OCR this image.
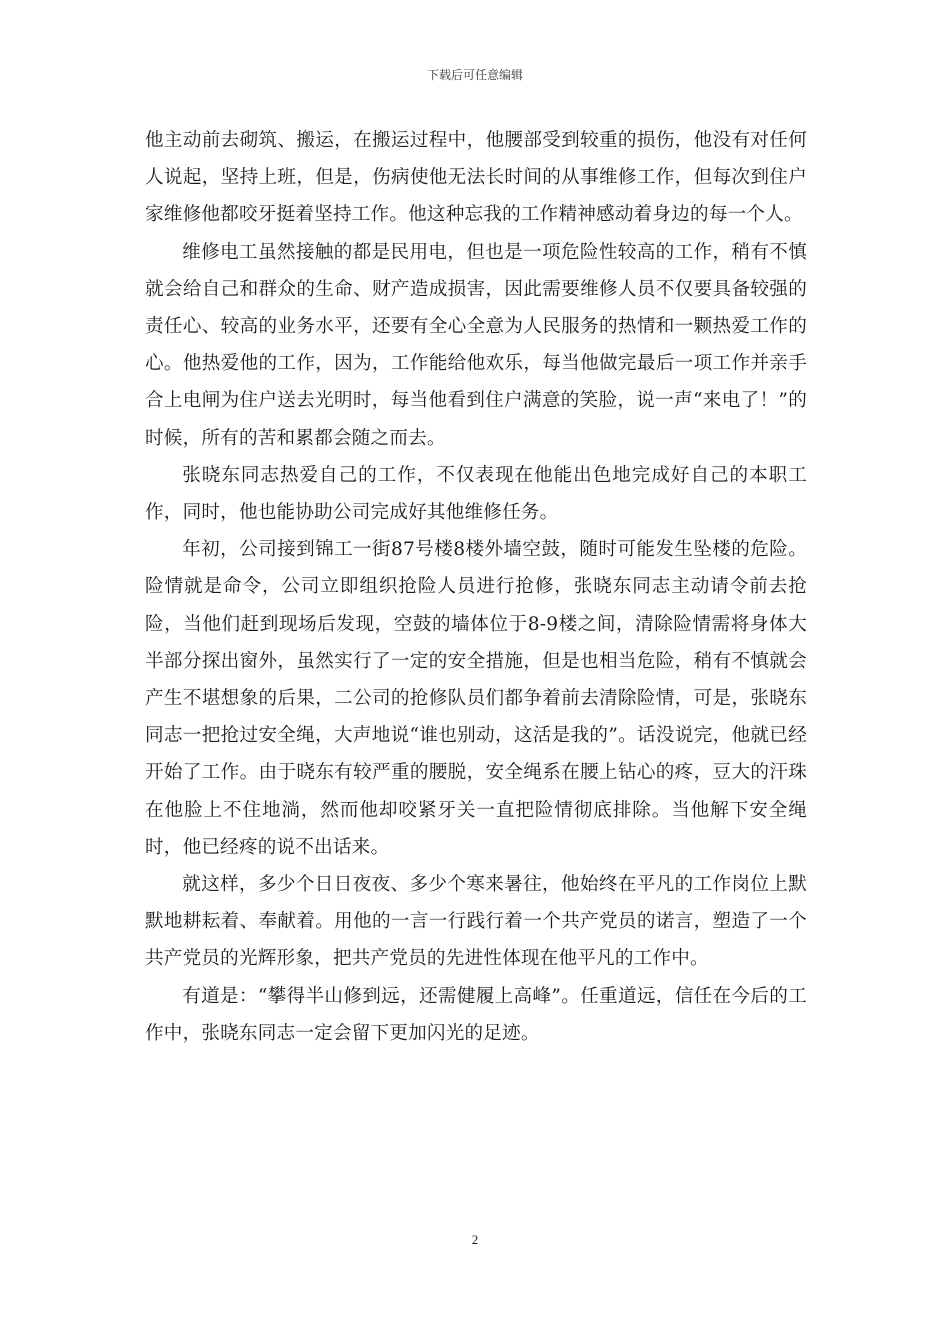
下载后可任意编辑

他主动前去砌筑、搬运，在搬运过程中，他腰部受到较重的损伤，他没有对任何人说起，坚持上班，但是，伤病使他无法长时间的从事维修工作，但每次到住户家维修他都咬牙挺着坚持工作。他这种忘我的工作精神感动着身边的每一个人。

维修电工虽然接触的都是民用电，但也是一项危险性较高的工作，稍有不慎就会给自己和群众的生命、财产造成损害，因此需要维修人员不仅要具备较强的责任心、较高的业务水平，还要有全心全意为人民服务的热情和一颗热爱工作的心。他热爱他的工作，因为，工作能给他欢乐，每当他做完最后一项工作并亲手合上电闸为住户送去光明时，每当他看到住户满意的笑脸，说一声“来电了！”的时候，所有的苦和累都会随之而去。

张晓东同志热爱自己的工作，不仅表现在他能出色地完成好自己的本职工作，同时，他也能协助公司完成好其他维修任务。

年初，公司接到锦工一街87号楼8楼外墙空鼓，随时可能发生坠楼的危险。险情就是命令，公司立即组织抢险人员进行抢修，张晓东同志主动请令前去抢险，当他们赶到现场后发现，空鼓的墙体位于8-9楼之间，清除险情需将身体大半部分探出窗外，虽然实行了一定的安全措施，但是也相当危险，稍有不慎就会产生不堪想象的后果，二公司的抢修队员们都争着前去清除险情，可是，张晓东同志一把抢过安全绳，大声地说“谁也别动，这活是我的”。话没说完，他就已经开始了工作。由于晓东有较严重的腰脱，安全绳系在腰上钻心的疼，豆大的汗珠在他脸上不住地淌，然而他却咬紧牙关一直把险情彻底排除。当他解下安全绳时，他已经疼的说不出话来。

就这样，多少个日日夜夜、多少个寒来暑往，他始终在平凡的工作岗位上默默地耕耘着、奉献着。用他的一言一行践行着一个共产党员的诺言，塑造了一个共产党员的光辉形象，把共产党员的先进性体现在他平凡的工作中。

有道是：“攀得半山修到远，还需健履上高峰”。任重道远，信任在今后的工作中，张晓东同志一定会留下更加闪光的足迹。

2
